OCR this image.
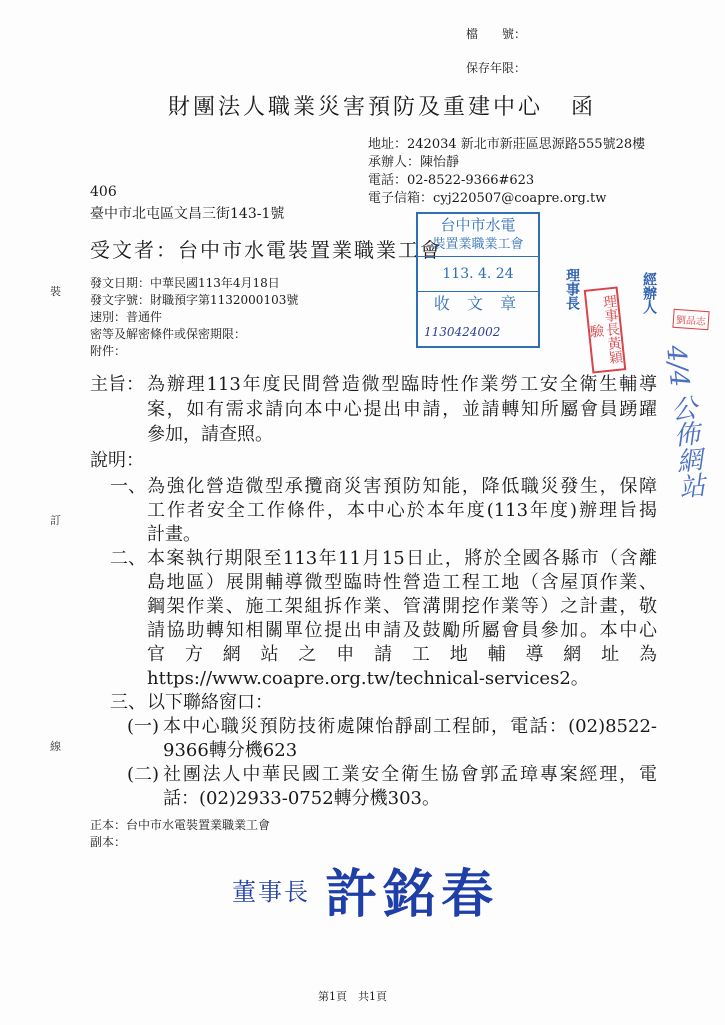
裝
訂
線
檔　　號：
保存年限：
財團法人職業災害預防及重建中心 函
地址：242034 新北市新莊區思源路555號28樓
承辦人：陳怡靜
電話：02-8522-9366#623
電子信箱：cyj220507@coapre.org.tw
406
臺中市北屯區文昌三街143-1號
受文者：台中市水電裝置業職業工會
發文日期：中華民國113年4月18日
發文字號：財職預字第1132000103號
速別：普通件
密等及解密條件或保密期限：
附件：
台中市水電
裝置業職業工會
113. 4. 24
收 文 章
1130424002
理事長
理事長黃穎驗
經辦人
劉品志
4/4 公佈網站
主旨： 為辦理113年度民間營造微型臨時性作業勞工安全衛生輔導
案，如有需求請向本中心提出申請，並請轉知所屬會員踴躍
參加，請查照。
說明：
一、 為強化營造微型承攬商災害預防知能，降低職災發生，保障
工作者安全工作條件，本中心於本年度(113年度)辦理旨揭
計畫。
二、 本案執行期限至113年11月15日止，將於全國各縣市（含離
島地區）展開輔導微型臨時性營造工程工地（含屋頂作業、
鋼架作業、施工架組拆作業、管溝開挖作業等）之計畫，敬
請協助轉知相關單位提出申請及鼓勵所屬會員參加。本中心
官方網站之申請工地輔導網址為
https://www.coapre.org.tw/technical-services2。
三、 以下聯絡窗口：
(一) 本中心職災預防技術處陳怡靜副工程師，電話：(02)8522-
9366轉分機623
(二) 社團法人中華民國工業安全衛生協會郭孟璋專案經理，電
話：(02)2933-0752轉分機303。
正本：台中市水電裝置業職業工會
副本：
董事長 許銘春
第1頁　共1頁
